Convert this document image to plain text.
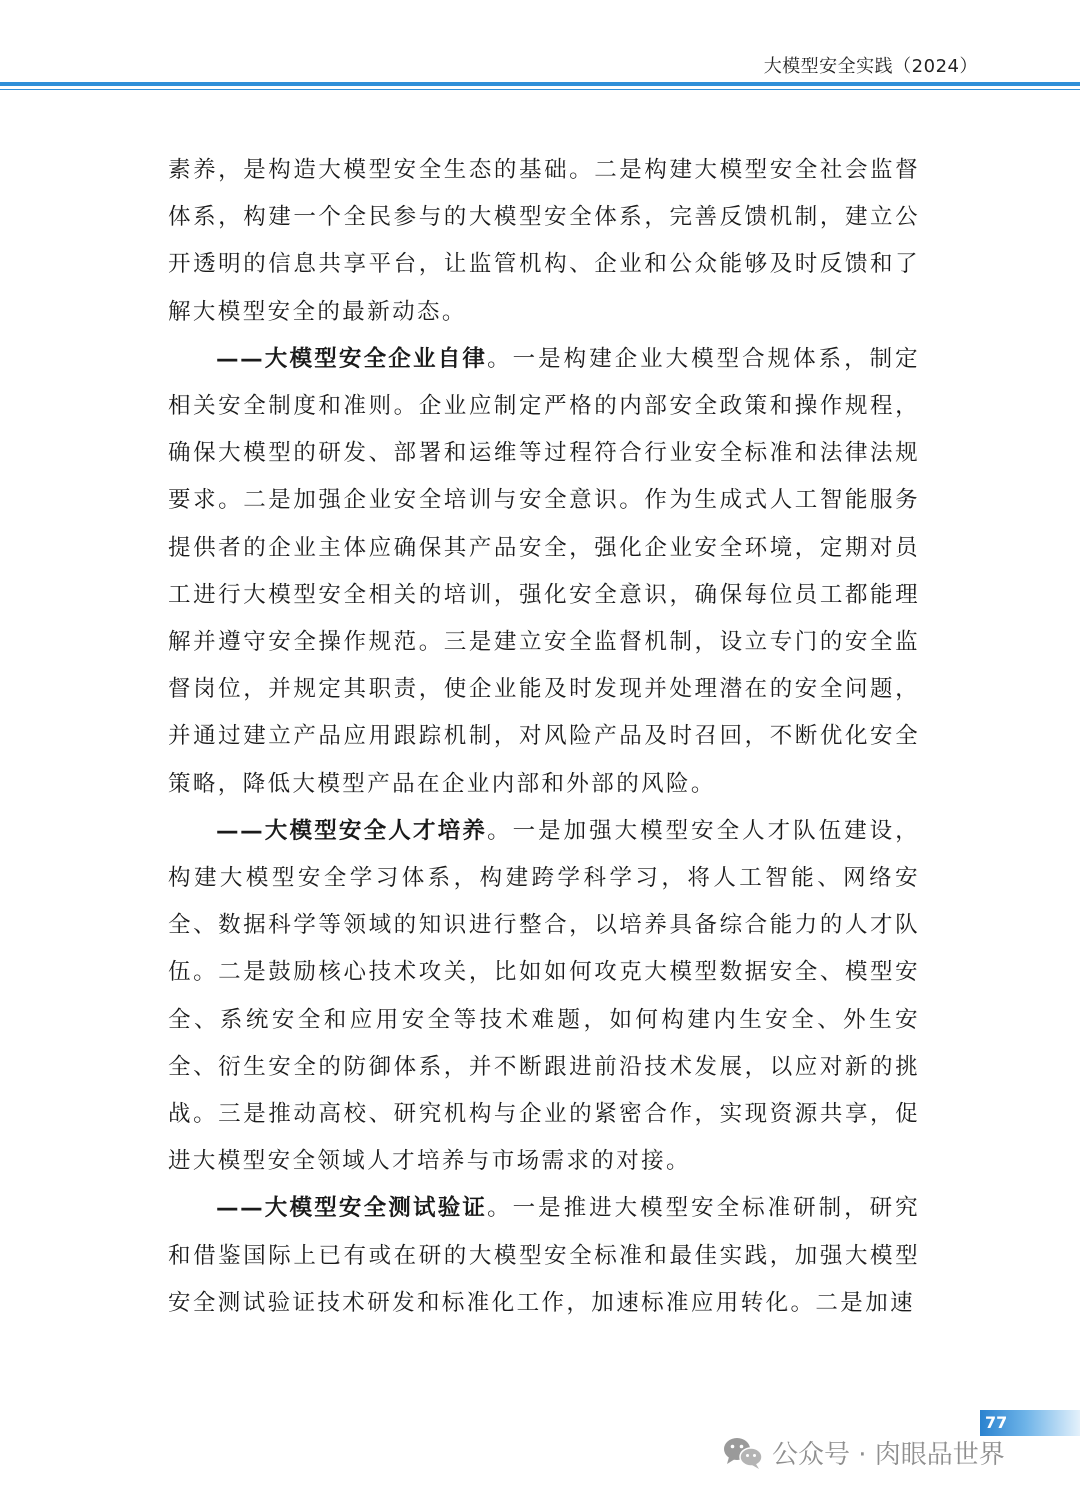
大模型安全实践（2024）

素养，是构造大模型安全生态的基础。二是构建大模型安全社会监督体系，构建一个全民参与的大模型安全体系，完善反馈机制，建立公开透明的信息共享平台，让监管机构、企业和公众能够及时反馈和了解大模型安全的最新动态。

——大模型安全企业自律。一是构建企业大模型合规体系，制定相关安全制度和准则。企业应制定严格的内部安全政策和操作规程，确保大模型的研发、部署和运维等过程符合行业安全标准和法律法规要求。二是加强企业安全培训与安全意识。作为生成式人工智能服务提供者的企业主体应确保其产品安全，强化企业安全环境，定期对员工进行大模型安全相关的培训，强化安全意识，确保每位员工都能理解并遵守安全操作规范。三是建立安全监督机制，设立专门的安全监督岗位，并规定其职责，使企业能及时发现并处理潜在的安全问题，并通过建立产品应用跟踪机制，对风险产品及时召回，不断优化安全策略，降低大模型产品在企业内部和外部的风险。

——大模型安全人才培养。一是加强大模型安全人才队伍建设，构建大模型安全学习体系，构建跨学科学习，将人工智能、网络安全、数据科学等领域的知识进行整合，以培养具备综合能力的人才队伍。二是鼓励核心技术攻关，比如如何攻克大模型数据安全、模型安全、系统安全和应用安全等技术难题，如何构建内生安全、外生安全、衍生安全的防御体系，并不断跟进前沿技术发展，以应对新的挑战。三是推动高校、研究机构与企业的紧密合作，实现资源共享，促进大模型安全领域人才培养与市场需求的对接。

——大模型安全测试验证。一是推进大模型安全标准研制，研究和借鉴国际上已有或在研的大模型安全标准和最佳实践，加强大模型安全测试验证技术研发和标准化工作，加速标准应用转化。二是加速

77
公众号 · 肉眼品世界
